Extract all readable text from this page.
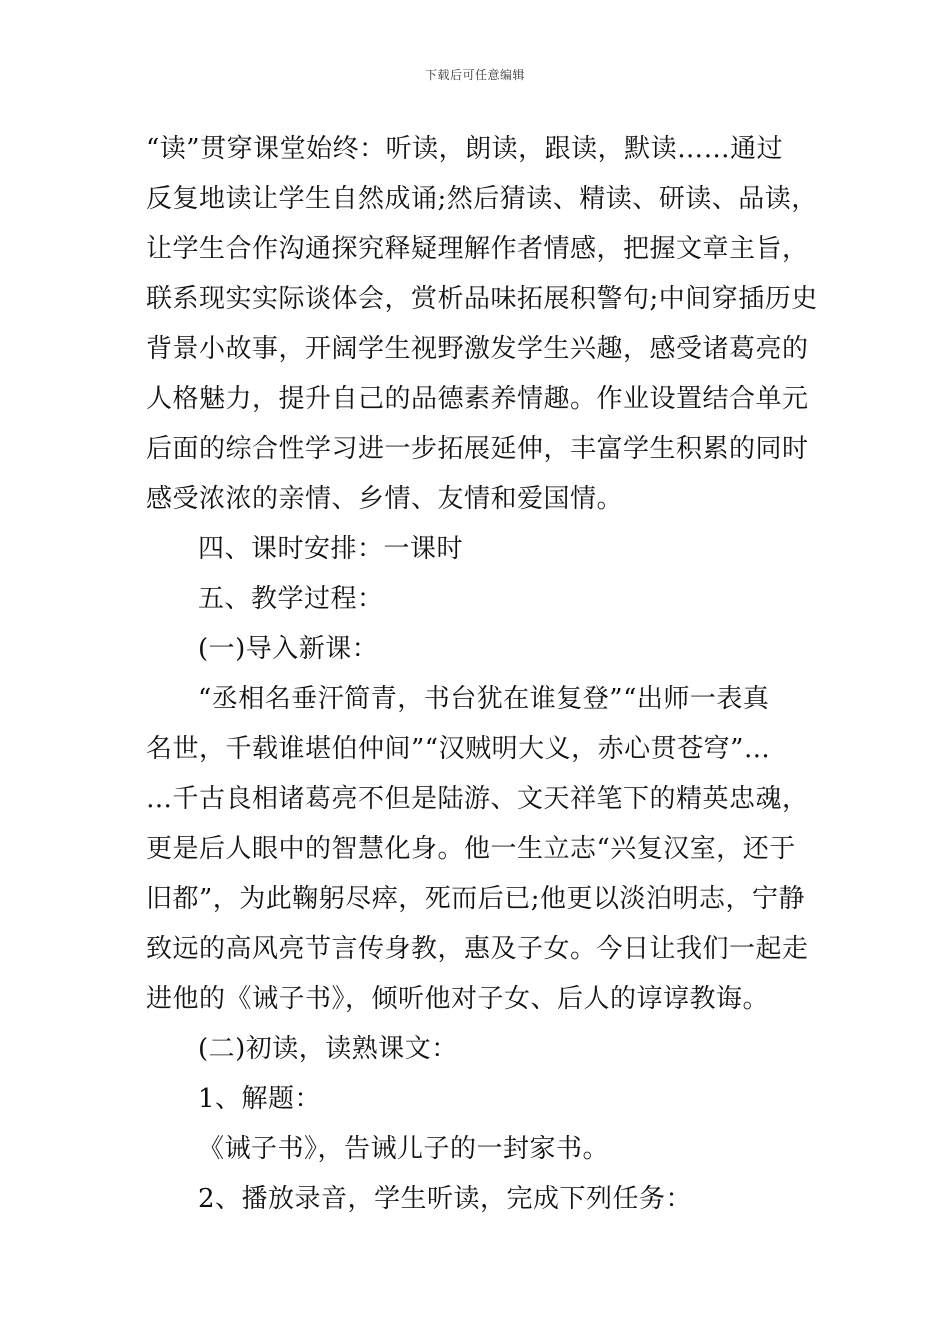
下载后可任意编辑
“读”贯穿课堂始终：听读，朗读，跟读，默读……通过
反复地读让学生自然成诵;然后猜读、精读、研读、品读，
让学生合作沟通探究释疑理解作者情感，把握文章主旨，
联系现实实际谈体会，赏析品味拓展积警句;中间穿插历史
背景小故事，开阔学生视野激发学生兴趣，感受诸葛亮的
人格魅力，提升自己的品德素养情趣。作业设置结合单元
后面的综合性学习进一步拓展延伸，丰富学生积累的同时
感受浓浓的亲情、乡情、友情和爱国情。
四、课时安排：一课时
五、教学过程：
(一)导入新课：
“丞相名垂汗简青，书台犹在谁复登”“出师一表真
名世，千载谁堪伯仲间”“汉贼明大义，赤心贯苍穹”…
…千古良相诸葛亮不但是陆游、文天祥笔下的精英忠魂，
更是后人眼中的智慧化身。他一生立志“兴复汉室，还于
旧都”，为此鞠躬尽瘁，死而后已;他更以淡泊明志，宁静
致远的高风亮节言传身教，惠及子女。今日让我们一起走
进他的《诫子书》，倾听他对子女、后人的谆谆教诲。
(二)初读，读熟课文：
1、解题：
《诫子书》，告诫儿子的一封家书。
2、播放录音，学生听读，完成下列任务：
